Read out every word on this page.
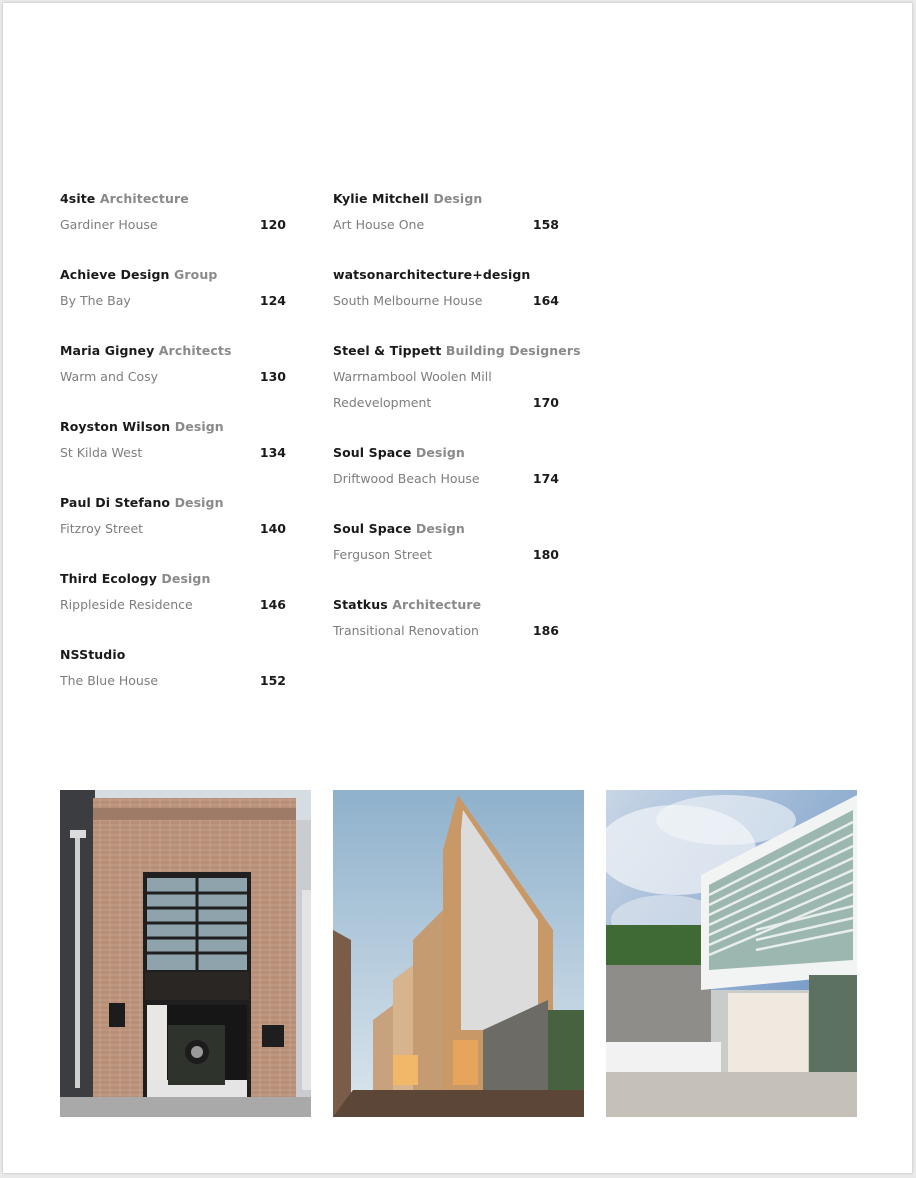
4site Architecture
Gardiner House	120
Achieve Design Group
By The Bay	124
Maria Gigney Architects
Warm and Cosy	130
Royston Wilson Design
St Kilda West	134
Paul Di Stefano Design
Fitzroy Street	140
Third Ecology Design
Rippleside Residence	146
NSStudio
The Blue House	152
Kylie Mitchell Design
Art House One	158
watsonarchitecture+design
South Melbourne House	164
Steel & Tippett Building Designers
Warrnambool Woolen Mill
Redevelopment	170
Soul Space Design
Driftwood Beach House	174
Soul Space Design
Ferguson Street	180
Statkus Architecture
Transitional Renovation	186
